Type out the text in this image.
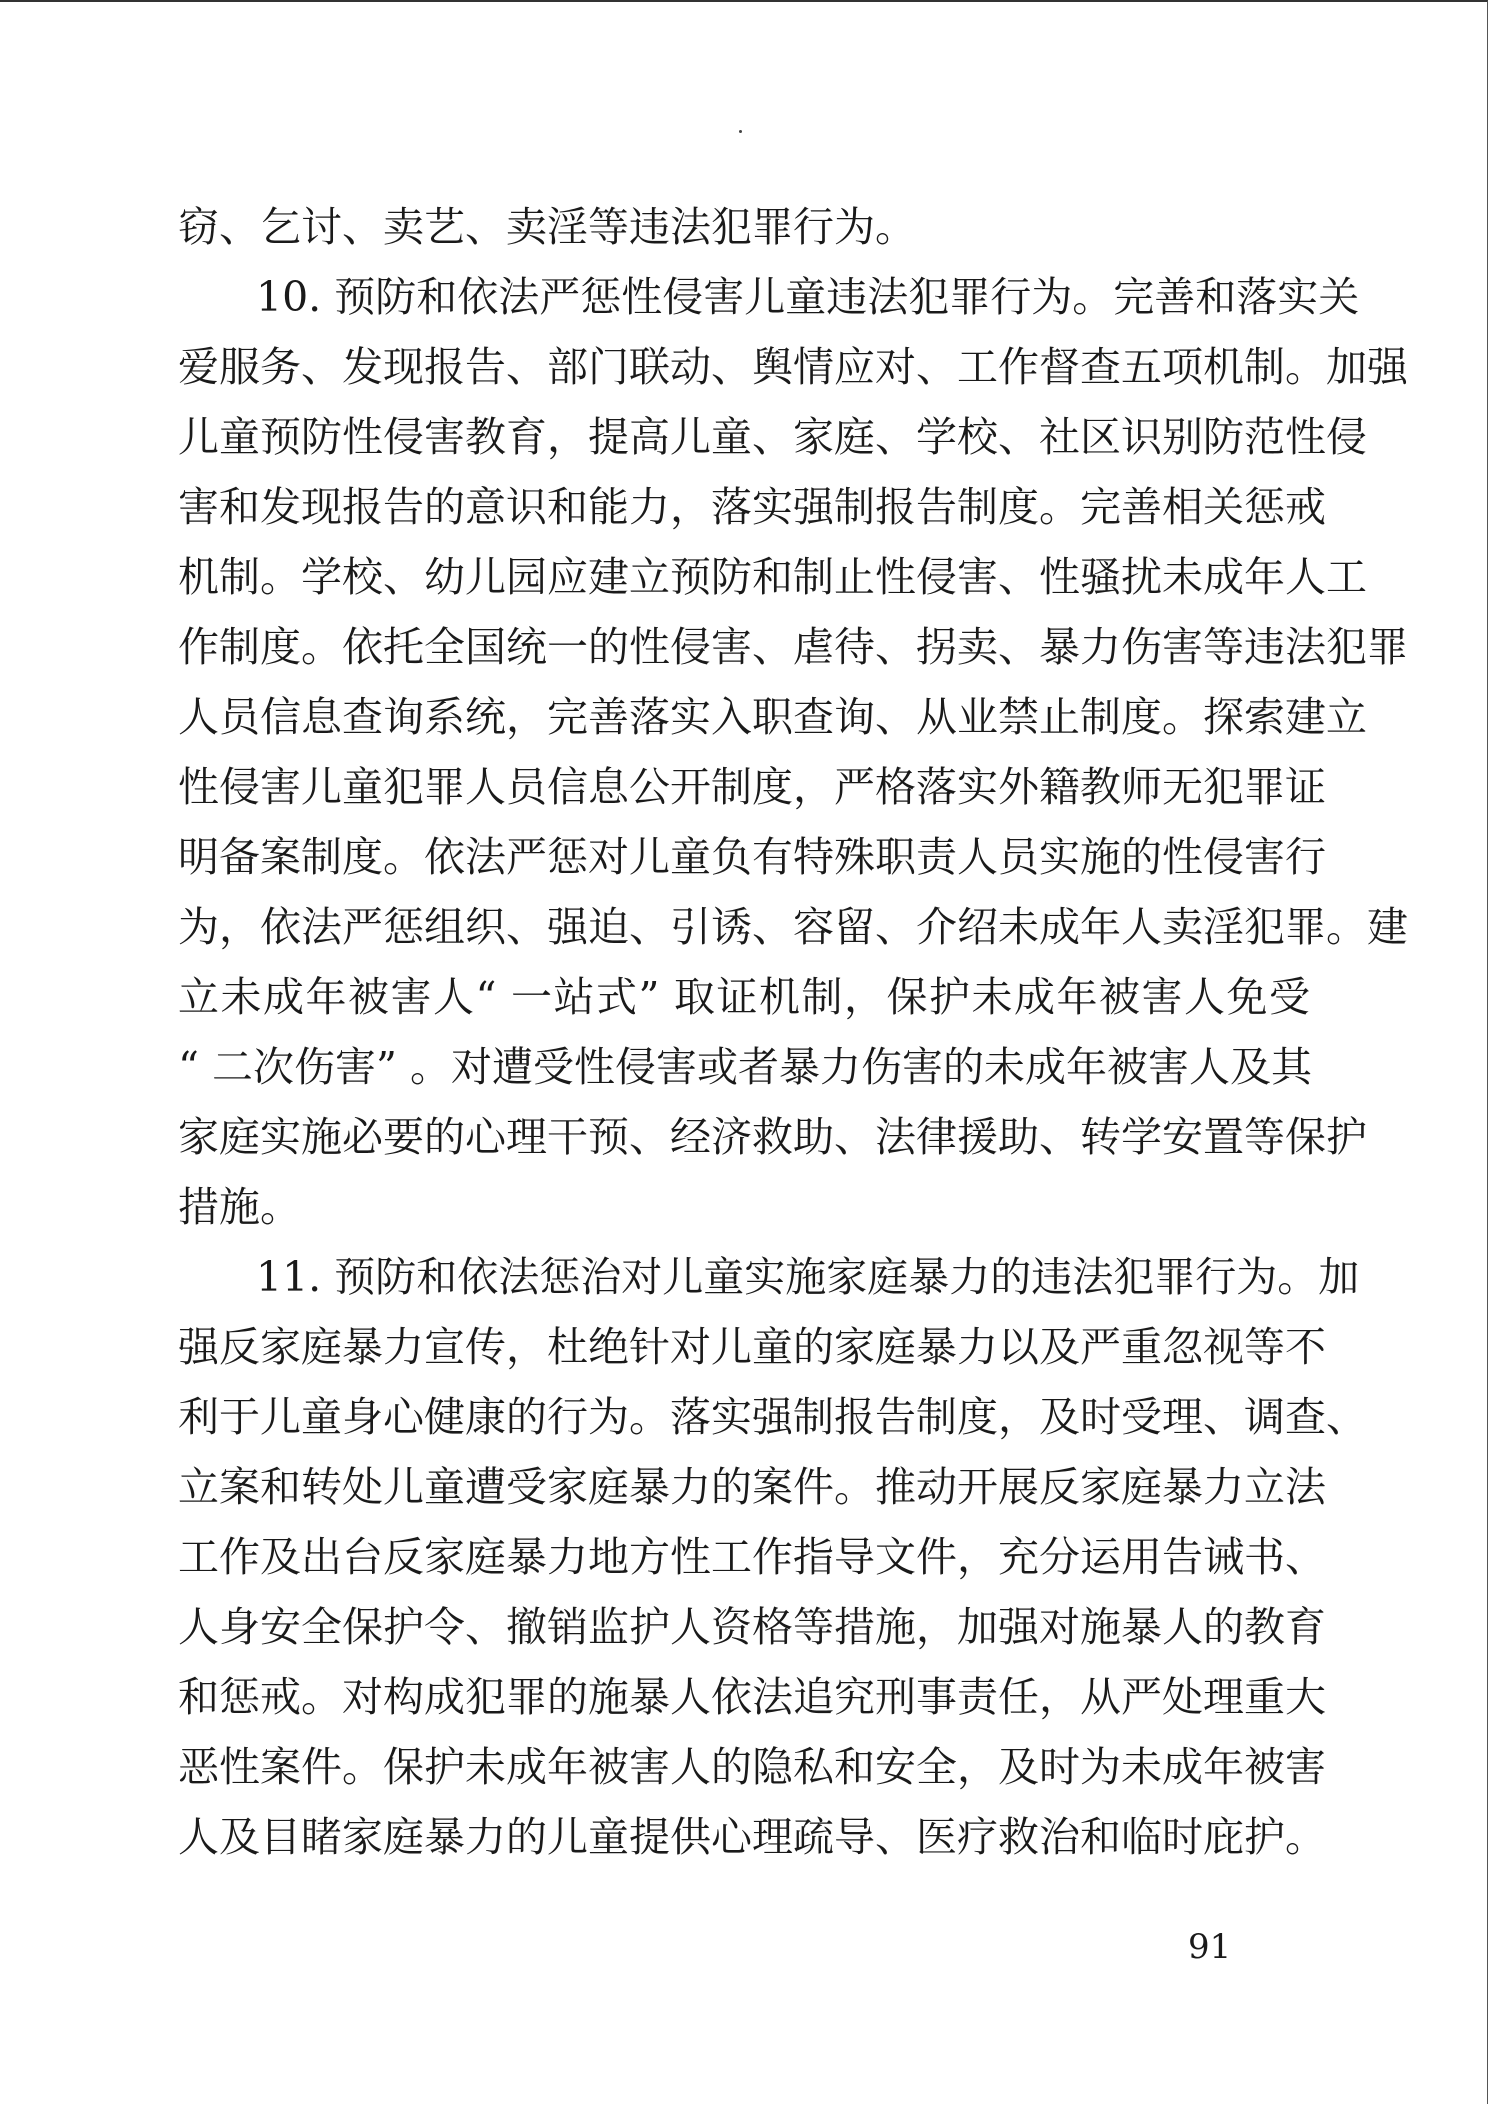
窃、乞讨、卖艺、卖淫等违法犯罪行为。
10. 预防和依法严惩性侵害儿童违法犯罪行为。完善和落实关
爱服务、发现报告、部门联动、舆情应对、工作督查五项机制。加强
儿童预防性侵害教育，提高儿童、家庭、学校、社区识别防范性侵
害和发现报告的意识和能力，落实强制报告制度。完善相关惩戒
机制。学校、幼儿园应建立预防和制止性侵害、性骚扰未成年人工
作制度。依托全国统一的性侵害、虐待、拐卖、暴力伤害等违法犯罪
人员信息查询系统，完善落实入职查询、从业禁止制度。探索建立
性侵害儿童犯罪人员信息公开制度，严格落实外籍教师无犯罪证
明备案制度。依法严惩对儿童负有特殊职责人员实施的性侵害行
为，依法严惩组织、强迫、引诱、容留、介绍未成年人卖淫犯罪。建
立未成年被害人“ 一站式” 取证机制，保护未成年被害人免受
“ 二次伤害” 。对遭受性侵害或者暴力伤害的未成年被害人及其
家庭实施必要的心理干预、经济救助、法律援助、转学安置等保护
措施。
11. 预防和依法惩治对儿童实施家庭暴力的违法犯罪行为。加
强反家庭暴力宣传，杜绝针对儿童的家庭暴力以及严重忽视等不
利于儿童身心健康的行为。落实强制报告制度，及时受理、调查、
立案和转处儿童遭受家庭暴力的案件。推动开展反家庭暴力立法
工作及出台反家庭暴力地方性工作指导文件，充分运用告诫书、
人身安全保护令、撤销监护人资格等措施，加强对施暴人的教育
和惩戒。对构成犯罪的施暴人依法追究刑事责任，从严处理重大
恶性案件。保护未成年被害人的隐私和安全，及时为未成年被害
人及目睹家庭暴力的儿童提供心理疏导、医疗救治和临时庇护。
91
